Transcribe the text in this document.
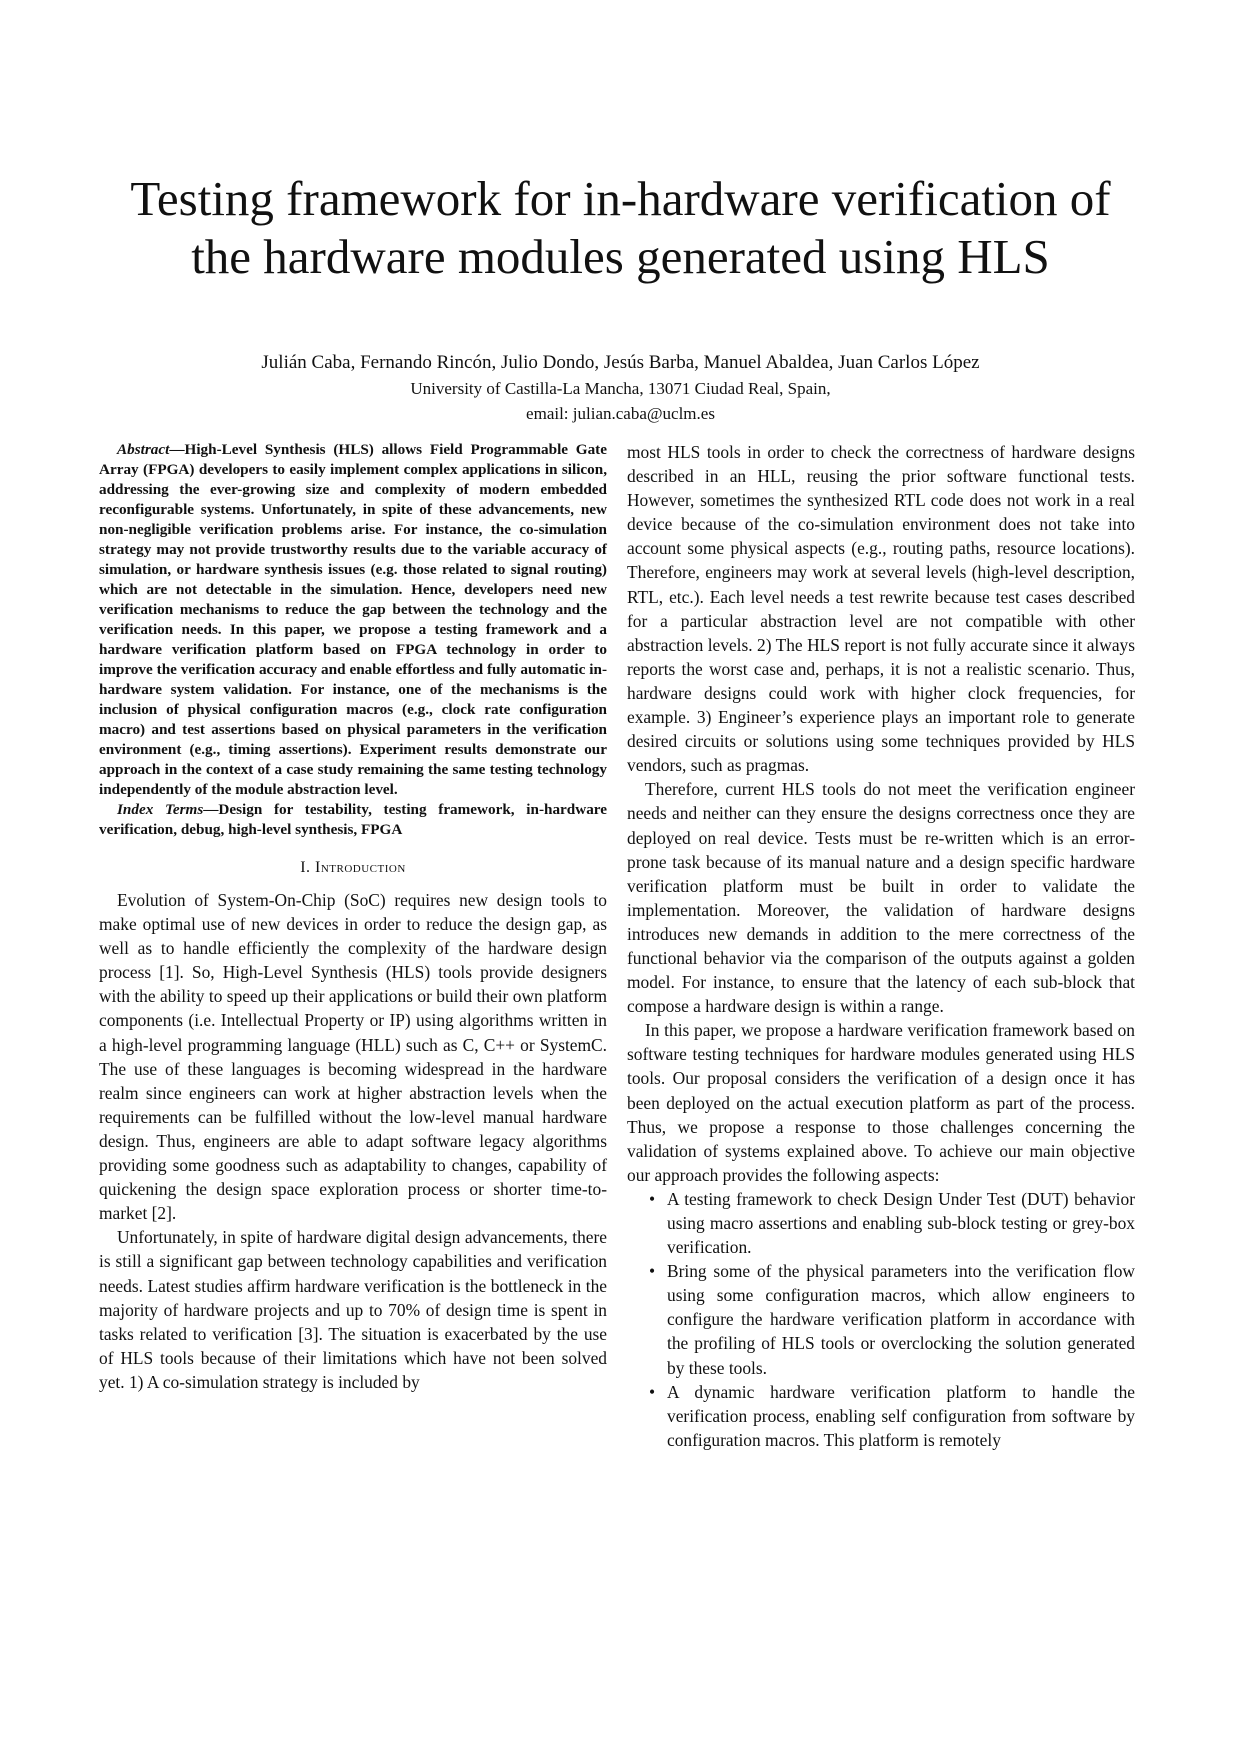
Testing framework for in-hardware verification of
the hardware modules generated using HLS
Julián Caba, Fernando Rincón, Julio Dondo, Jesús Barba, Manuel Abaldea, Juan Carlos López
University of Castilla-La Mancha, 13071 Ciudad Real, Spain,
email: julian.caba@uclm.es

Abstract—High-Level Synthesis (HLS) allows Field Programmable Gate Array (FPGA) developers to easily implement complex applications in silicon, addressing the ever-growing size and complexity of modern embedded reconfigurable systems. Unfortunately, in spite of these advancements, new non-negligible verification problems arise. For instance, the co-simulation strategy may not provide trustworthy results due to the variable accuracy of simulation, or hardware synthesis issues (e.g. those related to signal routing) which are not detectable in the simulation. Hence, developers need new verification mechanisms to reduce the gap between the technology and the verification needs. In this paper, we propose a testing framework and a hardware verification platform based on FPGA technology in order to improve the verification accuracy and enable effortless and fully automatic in-hardware system validation. For instance, one of the mechanisms is the inclusion of physical configuration macros (e.g., clock rate configuration macro) and test assertions based on physical parameters in the verification environment (e.g., timing assertions). Experiment results demonstrate our approach in the context of a case study remaining the same testing technology independently of the module abstraction level.

Index Terms—Design for testability, testing framework, in-hardware verification, debug, high-level synthesis, FPGA

I. Introduction

Evolution of System-On-Chip (SoC) requires new design tools to make optimal use of new devices in order to reduce the design gap, as well as to handle efficiently the complexity of the hardware design process [1]. So, High-Level Synthesis (HLS) tools provide designers with the ability to speed up their applications or build their own platform components (i.e. Intellectual Property or IP) using algorithms written in a high-level programming language (HLL) such as C, C++ or SystemC. The use of these languages is becoming widespread in the hardware realm since engineers can work at higher abstraction levels when the requirements can be fulfilled without the low-level manual hardware design. Thus, engineers are able to adapt software legacy algorithms providing some goodness such as adaptability to changes, capability of quickening the design space exploration process or shorter time-to-market [2].

Unfortunately, in spite of hardware digital design advancements, there is still a significant gap between technology capabilities and verification needs. Latest studies affirm hardware verification is the bottleneck in the majority of hardware projects and up to 70% of design time is spent in tasks related to verification [3]. The situation is exacerbated by the use of HLS tools because of their limitations which have not been solved yet. 1) A co-simulation strategy is included by

most HLS tools in order to check the correctness of hardware designs described in an HLL, reusing the prior software functional tests. However, sometimes the synthesized RTL code does not work in a real device because of the co-simulation environment does not take into account some physical aspects (e.g., routing paths, resource locations). Therefore, engineers may work at several levels (high-level description, RTL, etc.). Each level needs a test rewrite because test cases described for a particular abstraction level are not compatible with other abstraction levels. 2) The HLS report is not fully accurate since it always reports the worst case and, perhaps, it is not a realistic scenario. Thus, hardware designs could work with higher clock frequencies, for example. 3) Engineer’s experience plays an important role to generate desired circuits or solutions using some techniques provided by HLS vendors, such as pragmas.

Therefore, current HLS tools do not meet the verification engineer needs and neither can they ensure the designs correctness once they are deployed on real device. Tests must be re-written which is an error-prone task because of its manual nature and a design specific hardware verification platform must be built in order to validate the implementation. Moreover, the validation of hardware designs introduces new demands in addition to the mere correctness of the functional behavior via the comparison of the outputs against a golden model. For instance, to ensure that the latency of each sub-block that compose a hardware design is within a range.

In this paper, we propose a hardware verification framework based on software testing techniques for hardware modules generated using HLS tools. Our proposal considers the verification of a design once it has been deployed on the actual execution platform as part of the process. Thus, we propose a response to those challenges concerning the validation of systems explained above. To achieve our main objective our approach provides the following aspects:

• A testing framework to check Design Under Test (DUT) behavior using macro assertions and enabling sub-block testing or grey-box verification.
• Bring some of the physical parameters into the verification flow using some configuration macros, which allow engineers to configure the hardware verification platform in accordance with the profiling of HLS tools or overclocking the solution generated by these tools.
• A dynamic hardware verification platform to handle the verification process, enabling self configuration from software by configuration macros. This platform is remotely
